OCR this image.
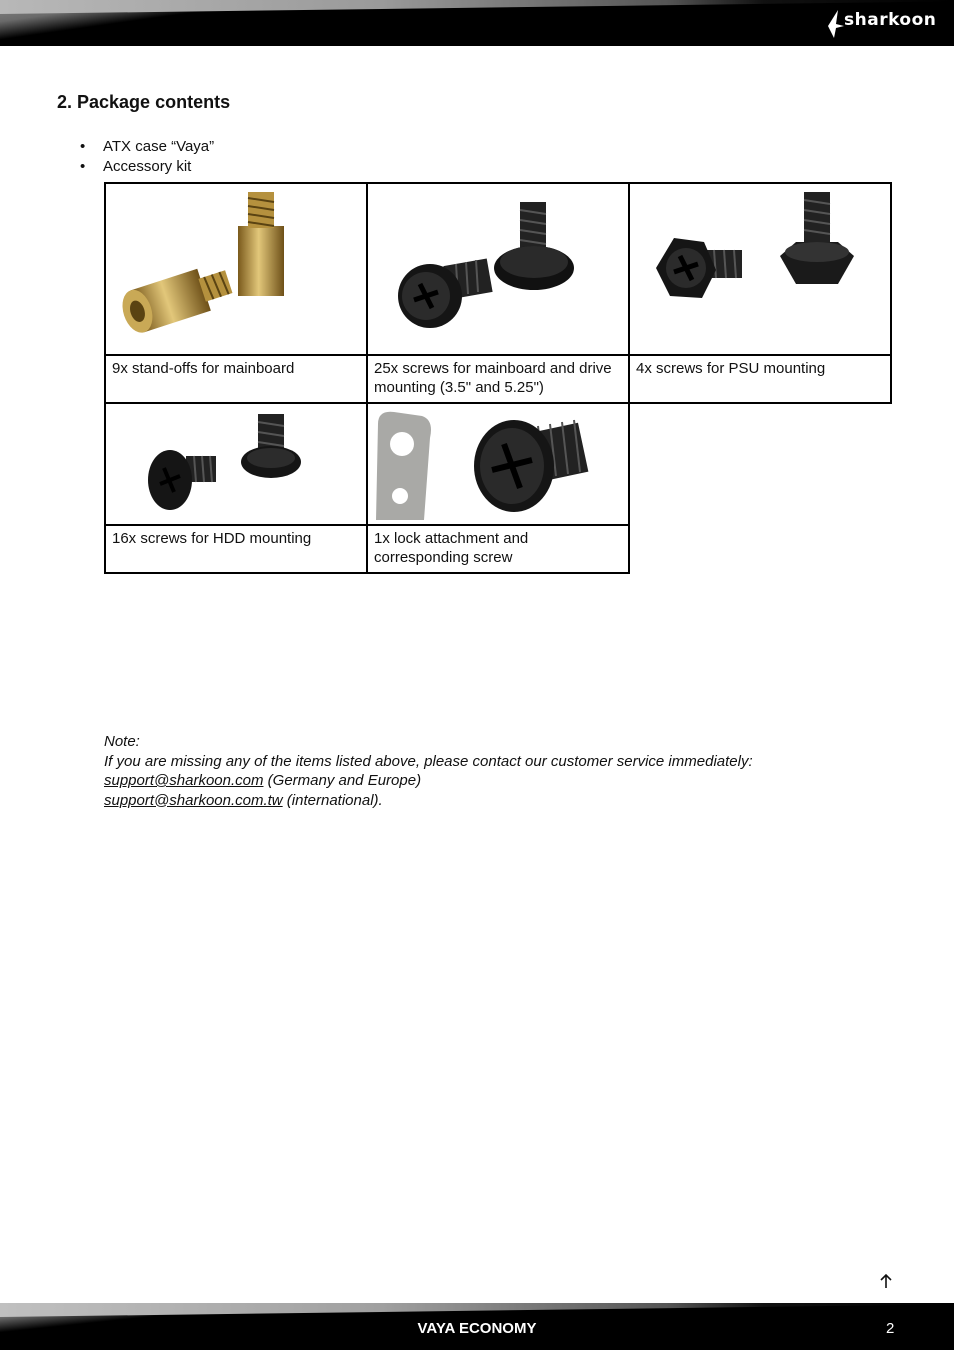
sharkoon
2. Package contents
• ATX case “Vaya”
• Accessory kit

9x stand-offs for mainboard	25x screws for mainboard and drive mounting (3.5" and 5.25")	4x screws for PSU mounting

16x screws for HDD mounting	1x lock attachment and corresponding screw	
Note:
If you are missing any of the items listed above, please contact our customer service immediately:
support@sharkoon.com (Germany and Europe)
support@sharkoon.com.tw (international).
VAYA ECONOMY	2
